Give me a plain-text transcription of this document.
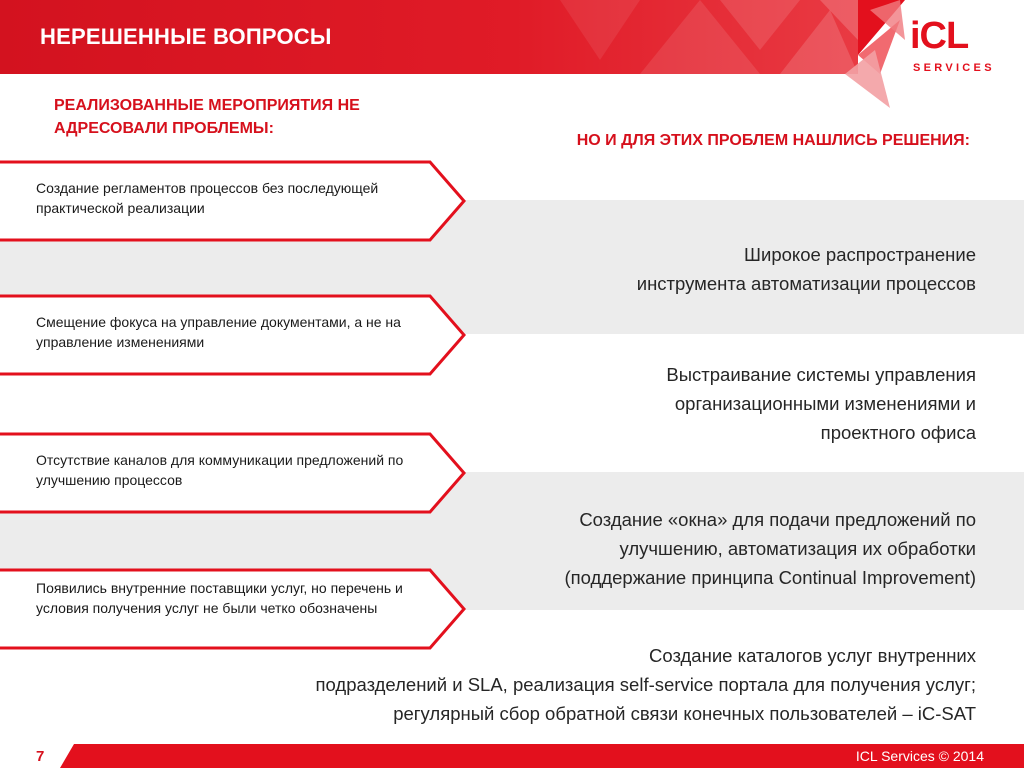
НЕРЕШЕННЫЕ ВОПРОСЫ	iCL
SERVICES
РЕАЛИЗОВАННЫЕ МЕРОПРИЯТИЯ НЕ АДРЕСОВАЛИ ПРОБЛЕМЫ:
НО И ДЛЯ ЭТИХ ПРОБЛЕМ НАШЛИСЬ РЕШЕНИЯ:
Широкое распространение
инструмента автоматизации процессов
Выстраивание системы управления
организационными изменениями и
проектного офиса
Создание «окна» для подачи предложений по
улучшению, автоматизация их обработки
(поддержание принципа Continual Improvement)
Создание каталогов услуг внутренних
подразделений и SLA, реализация self-service портала для получения услуг;
регулярный сбор обратной связи конечных пользователей – iC-SAT
Создание регламентов процессов без последующей практической реализации
Смещение фокуса на управление документами, а не на управление изменениями
Отсутствие каналов для коммуникации предложений по улучшению процессов
Появились внутренние поставщики услуг, но перечень и условия получения услуг не были четко обозначены
7	ICL Services © 2014
